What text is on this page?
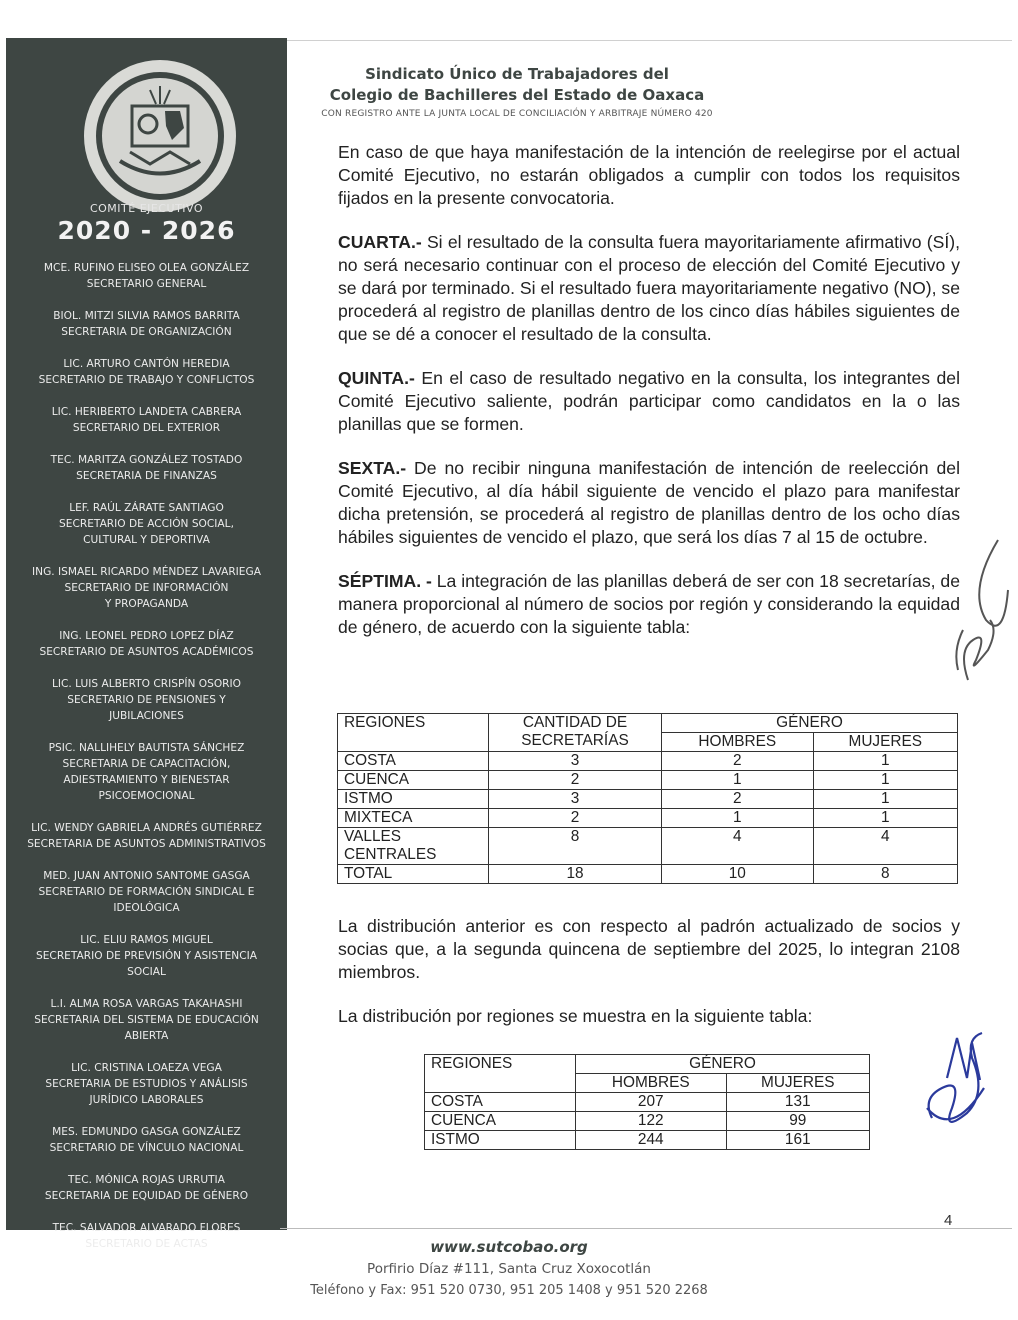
COMITÉ EJECUTIVO
2020 - 2026
MCE. RUFINO ELISEO OLEA GONZÁLEZ
SECRETARIO GENERAL
BIOL. MITZI SILVIA RAMOS BARRITA
SECRETARIA DE ORGANIZACIÓN
LIC. ARTURO CANTÓN HEREDIA
SECRETARIO DE TRABAJO Y CONFLICTOS
LIC. HERIBERTO LANDETA CABRERA
SECRETARIO DEL EXTERIOR
TEC. MARITZA GONZÁLEZ TOSTADO
SECRETARIA DE FINANZAS
LEF. RAÚL ZÁRATE SANTIAGO
SECRETARIO DE ACCIÓN SOCIAL,
CULTURAL Y DEPORTIVA
ING. ISMAEL RICARDO MÉNDEZ LAVARIEGA
SECRETARIO DE INFORMACIÓN
Y PROPAGANDA
ING. LEONEL PEDRO LOPEZ DÍAZ
SECRETARIO DE ASUNTOS ACADÉMICOS
LIC. LUIS ALBERTO CRISPÍN OSORIO
SECRETARIO DE PENSIONES Y
JUBILACIONES
PSIC. NALLIHELY BAUTISTA SÁNCHEZ
SECRETARIA DE CAPACITACIÓN,
ADIESTRAMIENTO Y BIENESTAR
PSICOEMOCIONAL
LIC. WENDY GABRIELA ANDRÉS GUTIÉRREZ
SECRETARIA DE ASUNTOS ADMINISTRATIVOS
MED. JUAN ANTONIO SANTOME GASGA
SECRETARIO DE FORMACIÓN SINDICAL E
IDEOLÓGICA
LIC. ELIU RAMOS MIGUEL
SECRETARIO DE PREVISIÓN Y ASISTENCIA
SOCIAL
L.I. ALMA ROSA VARGAS TAKAHASHI
SECRETARIA DEL SISTEMA DE EDUCACIÓN
ABIERTA
LIC. CRISTINA LOAEZA VEGA
SECRETARIA DE ESTUDIOS Y ANÁLISIS
JURÍDICO LABORALES
MES. EDMUNDO GASGA GONZÁLEZ
SECRETARIO DE VÍNCULO NACIONAL
TEC. MÓNICA ROJAS URRUTIA
SECRETARIA DE EQUIDAD DE GÉNERO
TEC. SALVADOR ALVARADO FLORES
SECRETARIO DE ACTAS
Sindicato Único de Trabajadores del
Colegio de Bachilleres del Estado de Oaxaca
CON REGISTRO ANTE LA JUNTA LOCAL DE CONCILIACIÓN Y ARBITRAJE NÚMERO 420

En caso de que haya manifestación de la intención de reelegirse por el actual Comité Ejecutivo, no estarán obligados a cumplir con todos los requisitos fijados en la presente convocatoria.

CUARTA.- Si el resultado de la consulta fuera mayoritariamente afirmativo (SÍ), no será necesario continuar con el proceso de elección del Comité Ejecutivo y se dará por terminado. Si el resultado fuera mayoritariamente negativo (NO), se procederá al registro de planillas dentro de los cinco días hábiles siguientes de que se dé a conocer el resultado de la consulta.

QUINTA.- En el caso de resultado negativo en la consulta, los integrantes del Comité Ejecutivo saliente, podrán participar como candidatos en la o las planillas que se formen.

SEXTA.- De no recibir ninguna manifestación de intención de reelección del Comité Ejecutivo, al día hábil siguiente de vencido el plazo para manifestar dicha pretensión, se procederá al registro de planillas dentro de los ocho días hábiles siguientes de vencido el plazo, que será los días 7 al 15 de octubre.

SÉPTIMA. - La integración de las planillas deberá de ser con 18 secretarías, de manera proporcional al número de socios por región y considerando la equidad de género, de acuerdo con la siguiente tabla:

REGIONES	CANTIDAD DE SECRETARÍAS	GÉNERO	
		HOMBRES	MUJERES
COSTA	3	2	1
CUENCA	2	1	1
ISTMO	3	2	1
MIXTECA	2	1	1
VALLES CENTRALES	8	4	4
TOTAL	18	10	8

La distribución anterior es con respecto al padrón actualizado de socios y socias que, a la segunda quincena de septiembre del 2025, lo integran 2108 miembros.

La distribución por regiones se muestra en la siguiente tabla:

REGIONES	GÉNERO	
	HOMBRES	MUJERES
COSTA	207	131
CUENCA	122	99
ISTMO	244	161
4
www.sutcobao.org
Porfirio Díaz #111, Santa Cruz Xoxocotlán
Teléfono y Fax: 951 520 0730, 951 205 1408 y 951 520 2268
